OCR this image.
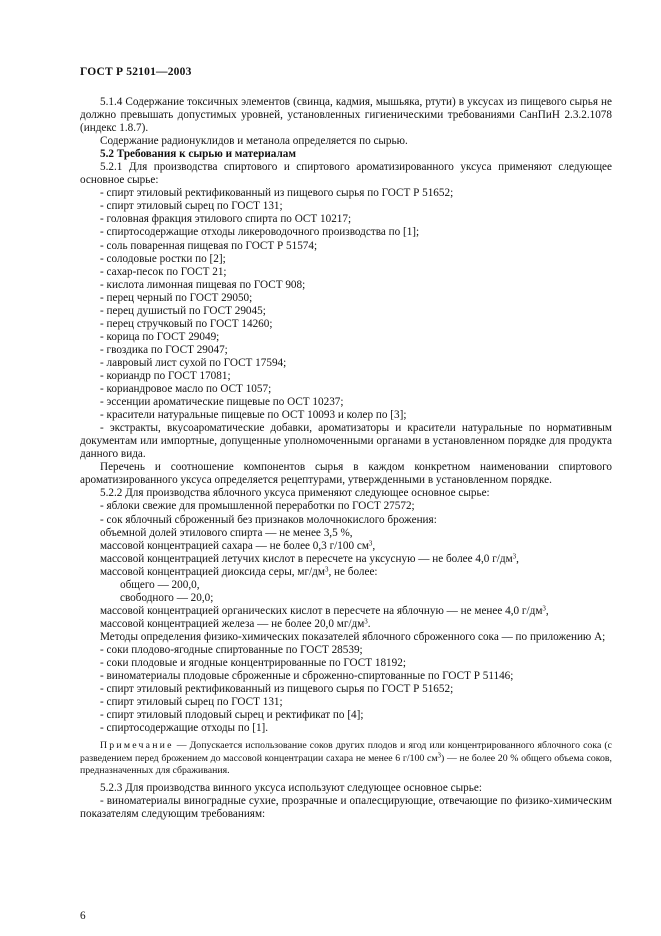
ГОСТ Р 52101—2003

5.1.4 Содержание токсичных элементов (свинца, кадмия, мышьяка, ртути) в уксусах из пищевого сырья не должно превышать допустимых уровней, установленных гигиеническими требованиями СанПиН 2.3.2.1078 (индекс 1.8.7).

Содержание радионуклидов и метанола определяется по сырью.

5.2 Требования к сырью и материалам

5.2.1 Для производства спиртового и спиртового ароматизированного уксуса применяют следующее основное сырье:

- спирт этиловый ректификованный из пищевого сырья по ГОСТ Р 51652;

- спирт этиловый сырец по ГОСТ 131;

- головная фракция этилового спирта по ОСТ 10217;

- спиртосодержащие отходы ликероводочного производства по [1];

- соль поваренная пищевая по ГОСТ Р 51574;

- солодовые ростки по [2];

- сахар-песок по ГОСТ 21;

- кислота лимонная пищевая по ГОСТ 908;

- перец черный по ГОСТ 29050;

- перец душистый по ГОСТ 29045;

- перец стручковый по ГОСТ 14260;

- корица по ГОСТ 29049;

- гвоздика по ГОСТ 29047;

- лавровый лист сухой по ГОСТ 17594;

- кориандр по ГОСТ 17081;

- кориандровое масло по ОСТ 1057;

- эссенции ароматические пищевые по ОСТ 10237;

- красители натуральные пищевые по ОСТ 10093 и колер по [3];

- экстракты, вкусоароматические добавки, ароматизаторы и красители натуральные по нормативным документам или импортные, допущенные уполномоченными органами в установленном порядке для продукта данного вида.

Перечень и соотношение компонентов сырья в каждом конкретном наименовании спиртового ароматизированного уксуса определяется рецептурами, утвержденными в установленном порядке.

5.2.2 Для производства яблочного уксуса применяют следующее основное сырье:

- яблоки свежие для промышленной переработки по ГОСТ 27572;

- сок яблочный сброженный без признаков молочнокислого брожения:

объемной долей этилового спирта — не менее 3,5 %,

массовой концентрацией сахара — не более 0,3 г/100 $см^3$,

массовой концентрацией летучих кислот в пересчете на уксусную — не более 4,0 $г/дм^3$,

массовой концентрацией диоксида серы, $мг/дм^3$, не более:

общего — 200,0,

свободного — 20,0;

массовой концентрацией органических кислот в пересчете на яблочную — не менее 4,0 $г/дм^3$,

массовой концентрацией железа — не более 20,0 $мг/дм^3$.

Методы определения физико-химических показателей яблочного сброженного сока — по приложению А;

- соки плодово-ягодные спиртованные по ГОСТ 28539;

- соки плодовые и ягодные концентрированные по ГОСТ 18192;

- виноматериалы плодовые сброженные и сброженно-спиртованные по ГОСТ Р 51146;

- спирт этиловый ректификованный из пищевого сырья по ГОСТ Р 51652;

- спирт этиловый сырец по ГОСТ 131;

- спирт этиловый плодовый сырец и ректификат по [4];

- спиртосодержащие отходы по [1].

Примечание — Допускается использование соков других плодов и ягод или концентрированного яблочного сока (с разведением перед брожением до массовой концентрации сахара не менее 6 г/100 $см^3$) — не более 20 % общего объема соков, предназначенных для сбраживания.

5.2.3 Для производства винного уксуса используют следующее основное сырье:

- виноматериалы виноградные сухие, прозрачные и опалесцирующие, отвечающие по физико-химическим показателям следующим требованиям:

6
